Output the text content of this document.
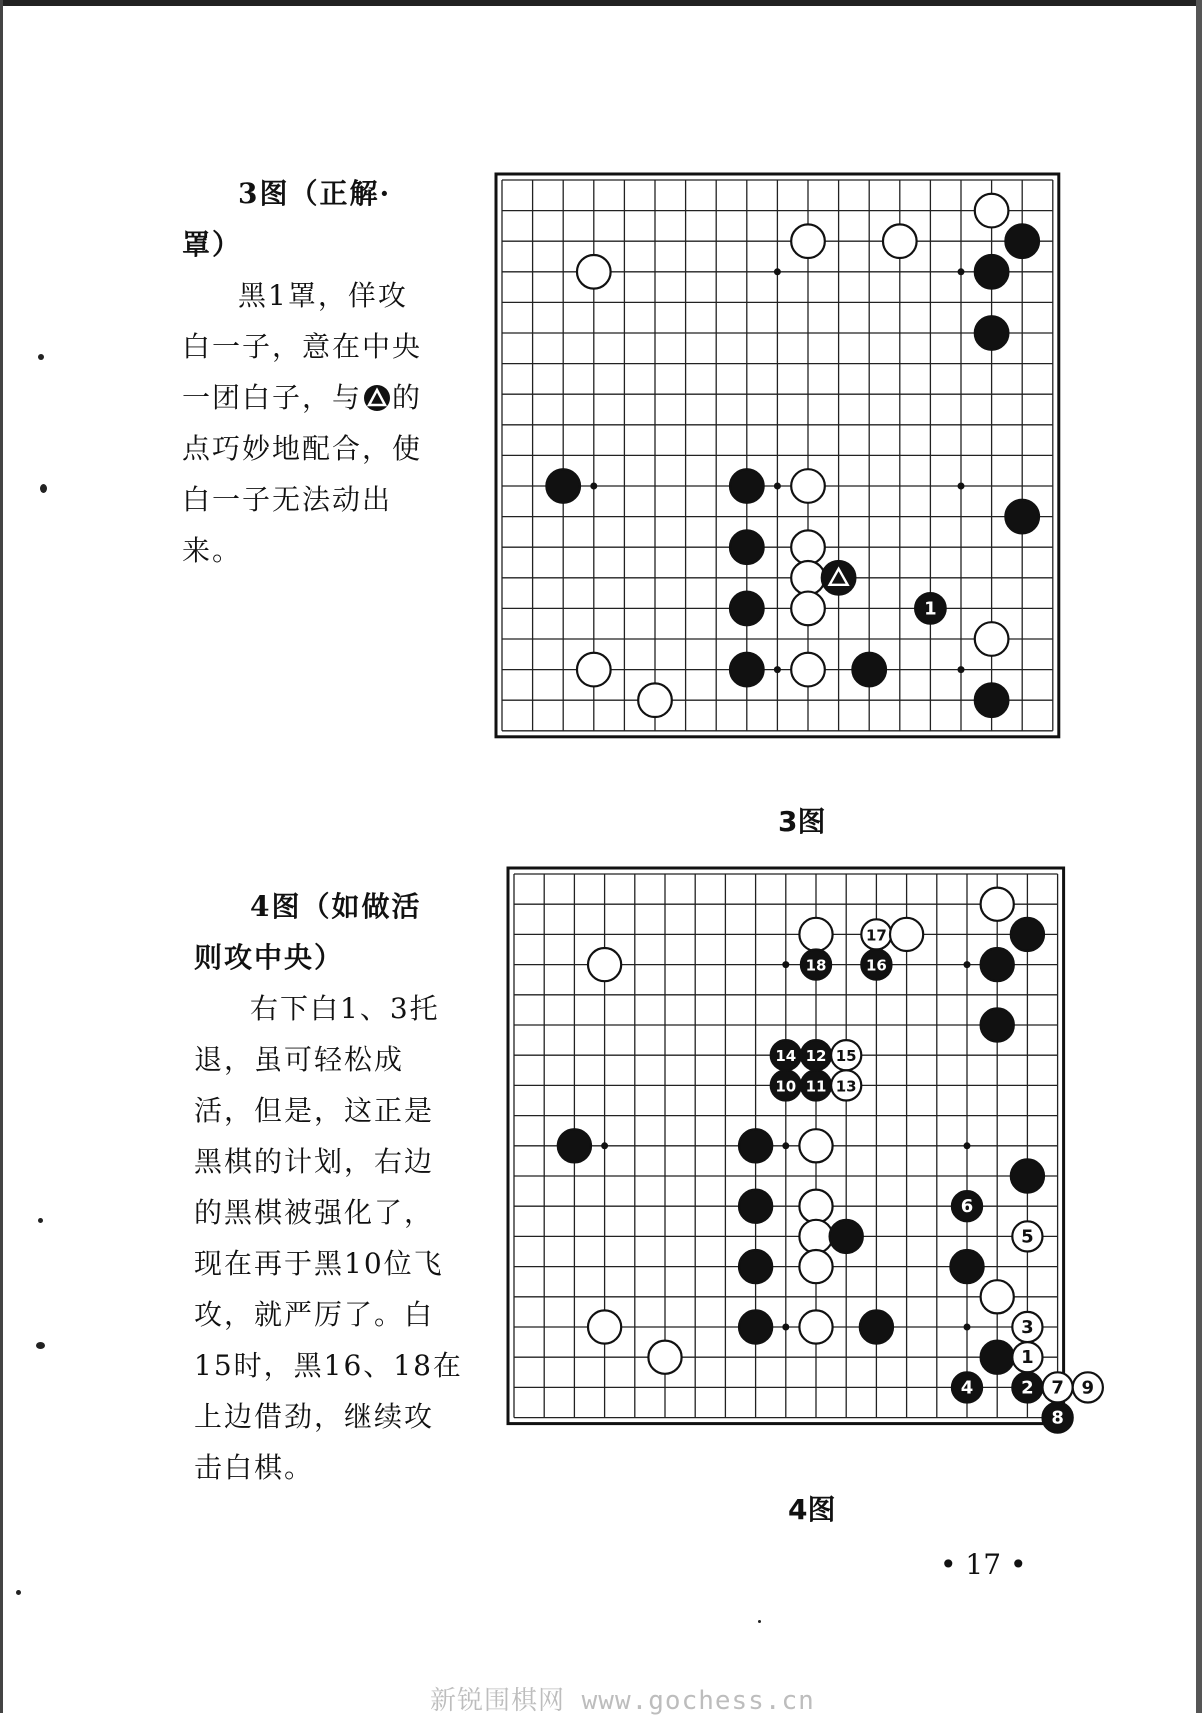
3图（正解·

罩）

黑1罩，佯攻

白一子，意在中央

一团白子，与 的

点巧妙地配合，使

白一子无法动出

来。

1
3图

4图（如做活

则攻中央）

右下白1、3托

退，虽可轻松成

活，但是，这正是

黑棋的计划，右边

的黑棋被强化了，

现在再于黑10位飞

攻，就严厉了。白

15时，黑16、18在

上边借劲，继续攻

击白棋。

17
18	16
14 12 15
10 11 13
6
5
3
1
4	2 7 9
8
4图
• 17 •
新锐围棋网 www.gochess.cn
